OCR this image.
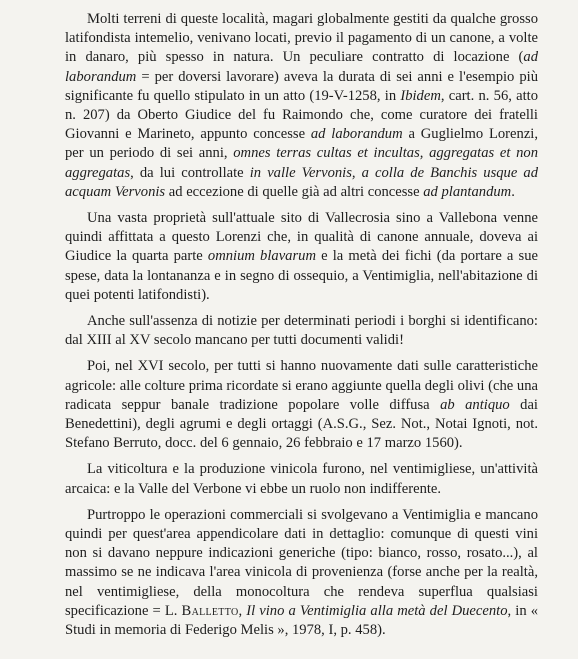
Molti terreni di queste località, magari globalmente gestiti da qualche grosso latifondista intemelio, venivano locati, previo il pagamento di un canone, a volte in danaro, più spesso in natura. Un peculiare contratto di locazione (ad laborandum = per doversi lavorare) aveva la durata di sei anni e l'esempio più significante fu quello stipulato in un atto (19-V-1258, in Ibidem, cart. n. 56, atto n. 207) da Oberto Giudice del fu Raimondo che, come curatore dei fratelli Giovanni e Marineto, appunto concesse ad laborandum a Guglielmo Lorenzi, per un periodo di sei anni, omnes terras cultas et incultas, aggregatas et non aggregatas, da lui controllate in valle Vervonis, a colla de Banchis usque ad acquam Vervonis ad eccezione di quelle già ad altri concesse ad plantandum.

Una vasta proprietà sull'attuale sito di Vallecrosia sino a Vallebona venne quindi affittata a questo Lorenzi che, in qualità di canone annuale, doveva ai Giudice la quarta parte omnium blavarum e la metà dei fichi (da portare a sue spese, data la lontananza e in segno di ossequio, a Ventimiglia, nell'abitazione di quei potenti latifondisti).

Anche sull'assenza di notizie per determinati periodi i borghi si identificano: dal XIII al XV secolo mancano per tutti documenti validi!

Poi, nel XVI secolo, per tutti si hanno nuovamente dati sulle caratteristiche agricole: alle colture prima ricordate si erano aggiunte quella degli olivi (che una radicata seppur banale tradizione popolare volle diffusa ab antiquo dai Benedettini), degli agrumi e degli ortaggi (A.S.G., Sez. Not., Notai Ignoti, not. Stefano Berruto, docc. del 6 gennaio, 26 febbraio e 17 marzo 1560).

La viticoltura e la produzione vinicola furono, nel ventimigliese, un'attività arcaica: e la Valle del Verbone vi ebbe un ruolo non indifferente.

Purtroppo le operazioni commerciali si svolgevano a Ventimiglia e mancano quindi per quest'area appendicolare dati in dettaglio: comunque di questi vini non si davano neppure indicazioni generiche (tipo: bianco, rosso, rosato...), al massimo se ne indicava l'area vinicola di provenienza (forse anche per la realtà, nel ventimigliese, della monocoltura che rendeva superflua qualsiasi specificazione = L. Balletto, Il vino a Ventimiglia alla metà del Duecento, in « Studi in memoria di Federigo Melis », 1978, I, p. 458).
